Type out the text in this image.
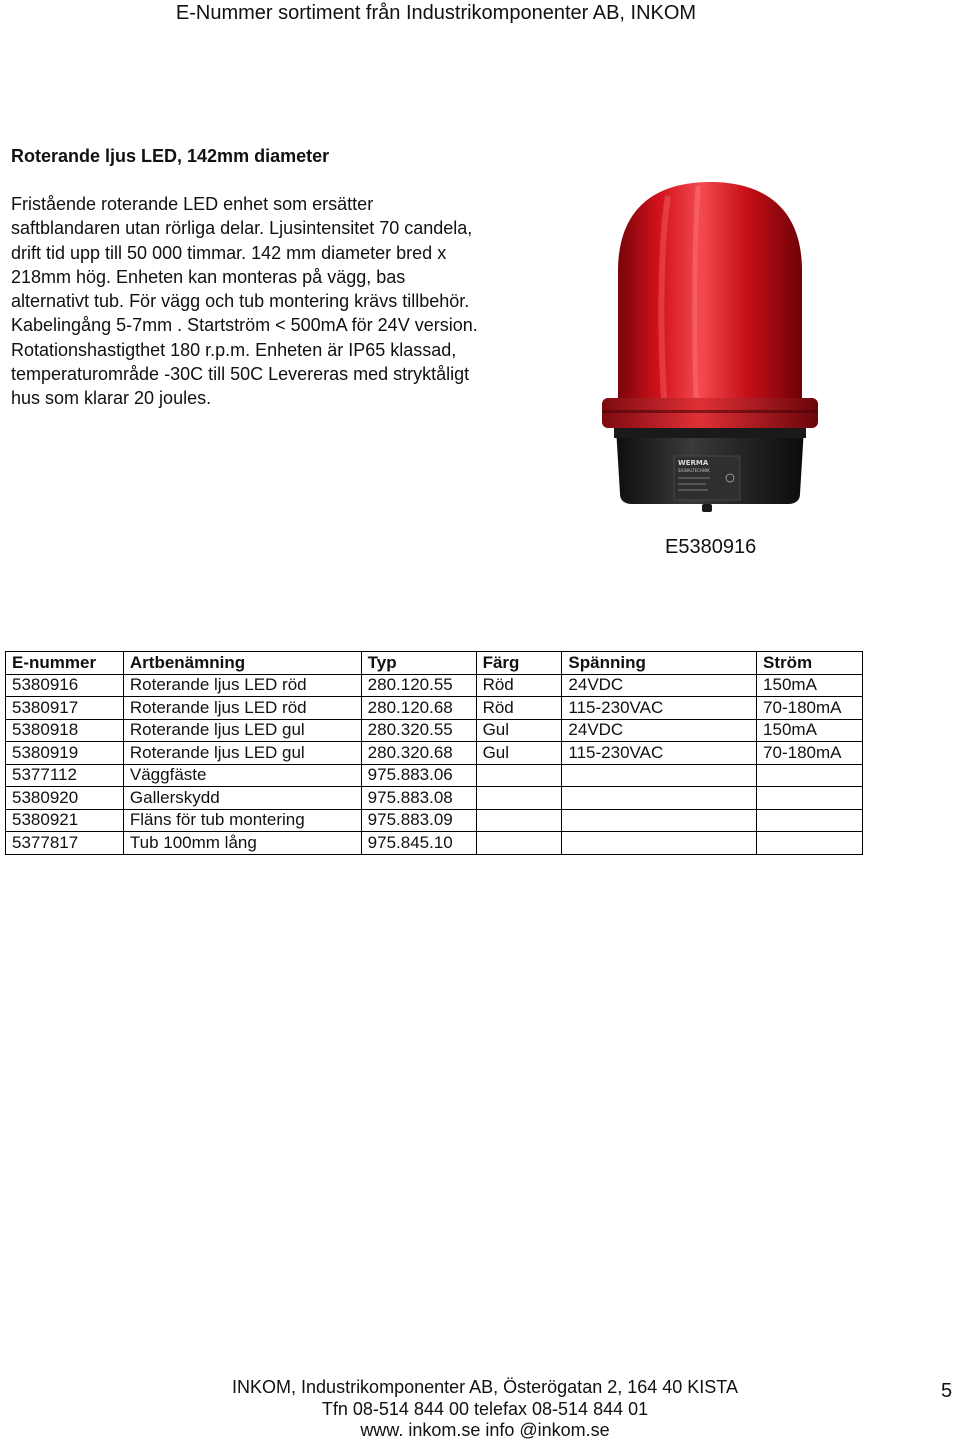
E-Nummer sortiment från Industrikomponenter AB, INKOM
Roterande ljus LED, 142mm diameter

Fristående roterande LED enhet som ersätter
saftblandaren utan rörliga delar. Ljusintensitet 70 candela,
drift tid upp till 50 000 timmar. 142 mm diameter bred x
218mm hög. Enheten kan monteras på vägg, bas
alternativt tub. För vägg och tub montering krävs tillbehör.
Kabelingång 5-7mm . Startström < 500mA för 24V version.
Rotationshastigthet 180 r.p.m. Enheten är IP65 klassad,
temperaturområde -30C till 50C Levereras med stryktåligt
hus som klarar 20 joules.

WERMA
SIGNALTECHNIK
E5380916
E-nummer	Artbenämning	Typ	Färg	Spänning	Ström
5380916	Roterande ljus LED röd	280.120.55	Röd	24VDC	150mA
5380917	Roterande ljus LED röd	280.120.68	Röd	115-230VAC	70-180mA
5380918	Roterande ljus LED gul	280.320.55	Gul	24VDC	150mA
5380919	Roterande ljus LED gul	280.320.68	Gul	115-230VAC	70-180mA
5377112	Väggfäste	975.883.06			
5380920	Gallerskydd	975.883.08			
5380921	Fläns för tub montering	975.883.09			
5377817	Tub 100mm lång	975.845.10			
INKOM, Industrikomponenter AB, Österögatan 2, 164 40 KISTA
Tfn 08-514 844 00 telefax 08-514 844 01
www. inkom.se info @inkom.se
5
